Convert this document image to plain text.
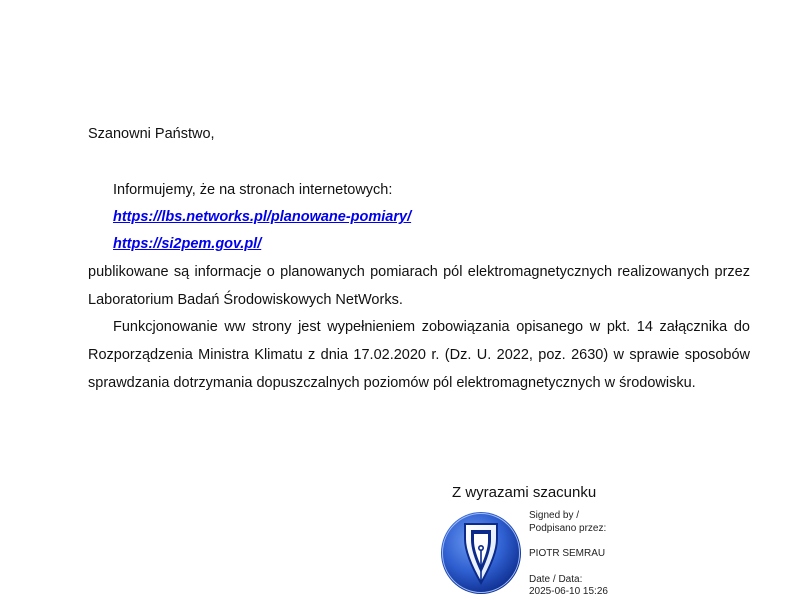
Szanowni Państwo,

Informujemy, że na stronach internetowych:

https://lbs.networks.pl/planowane-pomiary/
https://si2pem.gov.pl/

publikowane są informacje o planowanych pomiarach pól elektromagnetycznych realizowanych przez Laboratorium Badań Środowiskowych NetWorks.

Funkcjonowanie ww strony jest wypełnieniem zobowiązania opisanego w pkt. 14 załącznika do Rozporządzenia Ministra Klimatu z dnia 17.02.2020 r. (Dz. U. 2022, poz. 2630) w sprawie sposobów sprawdzania dotrzymania dopuszczalnych poziomów pól elektromagnetycznych w środowisku.

Z wyrazami szacunku

Signed by /
Podpisano przez:
PIOTR SEMRAU
Date / Data:
2025-06-10 15:26
